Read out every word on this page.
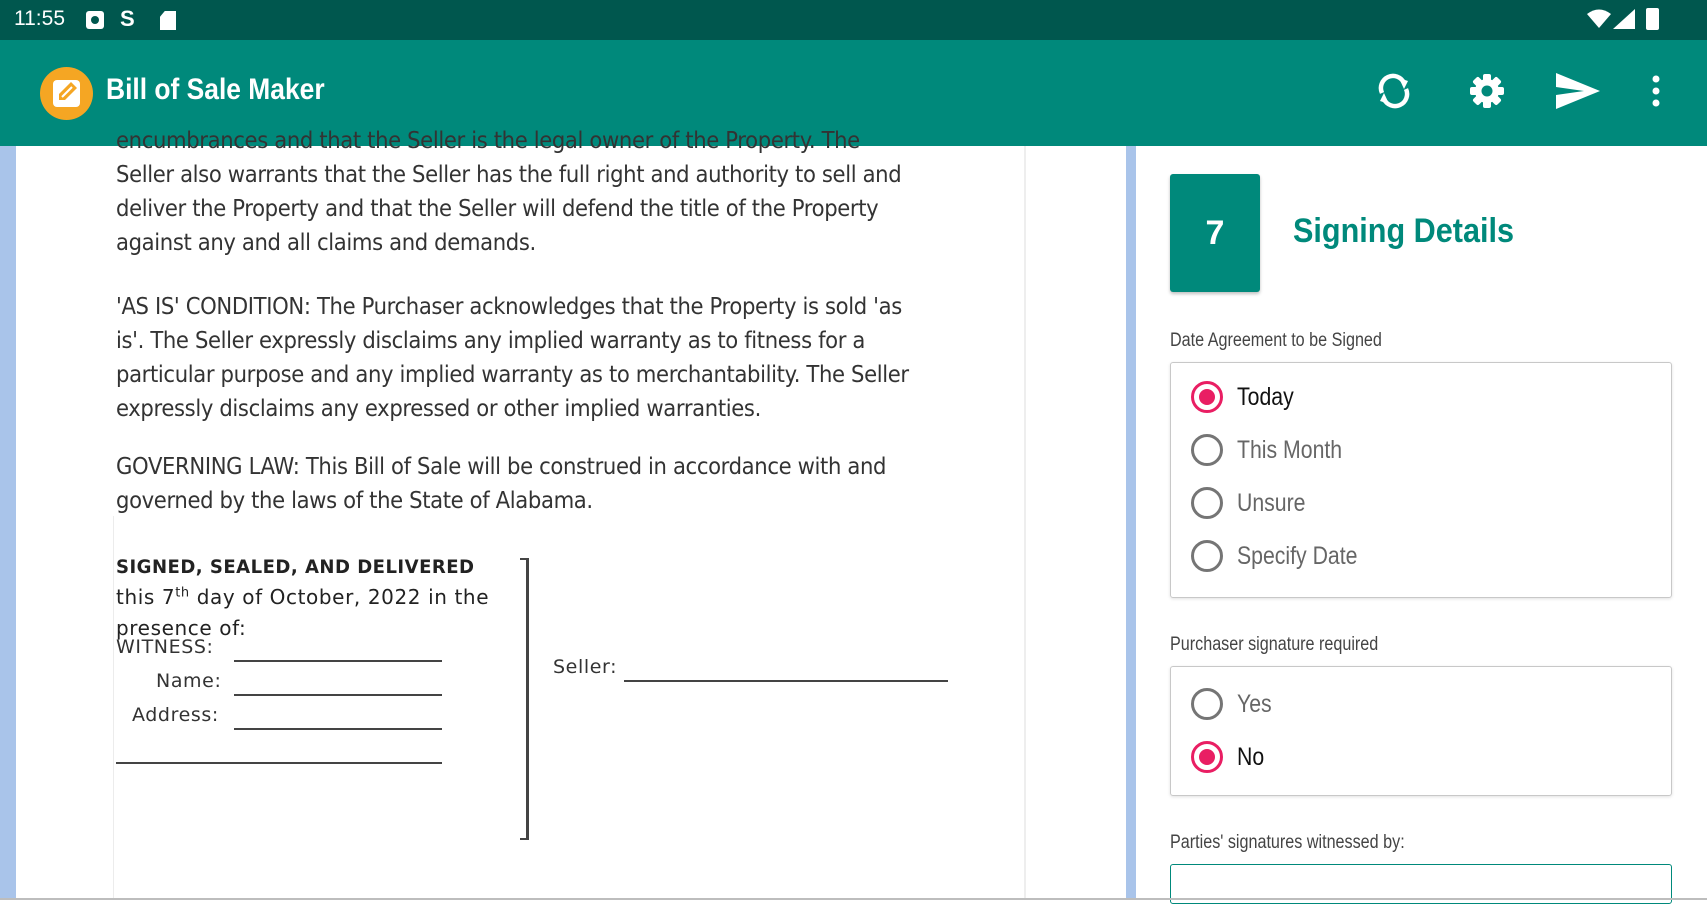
11:55	S
Bill of Sale Maker
encumbrances and that the Seller is the legal owner of the Property. The
Seller also warrants that the Seller has the full right and authority to sell and
deliver the Property and that the Seller will defend the title of the Property
against any and all claims and demands.
'AS IS' CONDITION: The Purchaser acknowledges that the Property is sold 'as
is'. The Seller expressly disclaims any implied warranty as to fitness for a
particular purpose and any implied warranty as to merchantability. The Seller
expressly disclaims any expressed or other implied warranties.
GOVERNING LAW: This Bill of Sale will be construed in accordance with and
governed by the laws of the State of Alabama.
SIGNED, SEALED, AND DELIVERED
this 7th day of October, 2022 in the
presence of:
WITNESS:
Name:
Address:
Seller:
7	Signing Details
Date Agreement to be Signed
Today
This Month
Unsure
Specify Date
Purchaser signature required
Yes
No
Parties' signatures witnessed by:
